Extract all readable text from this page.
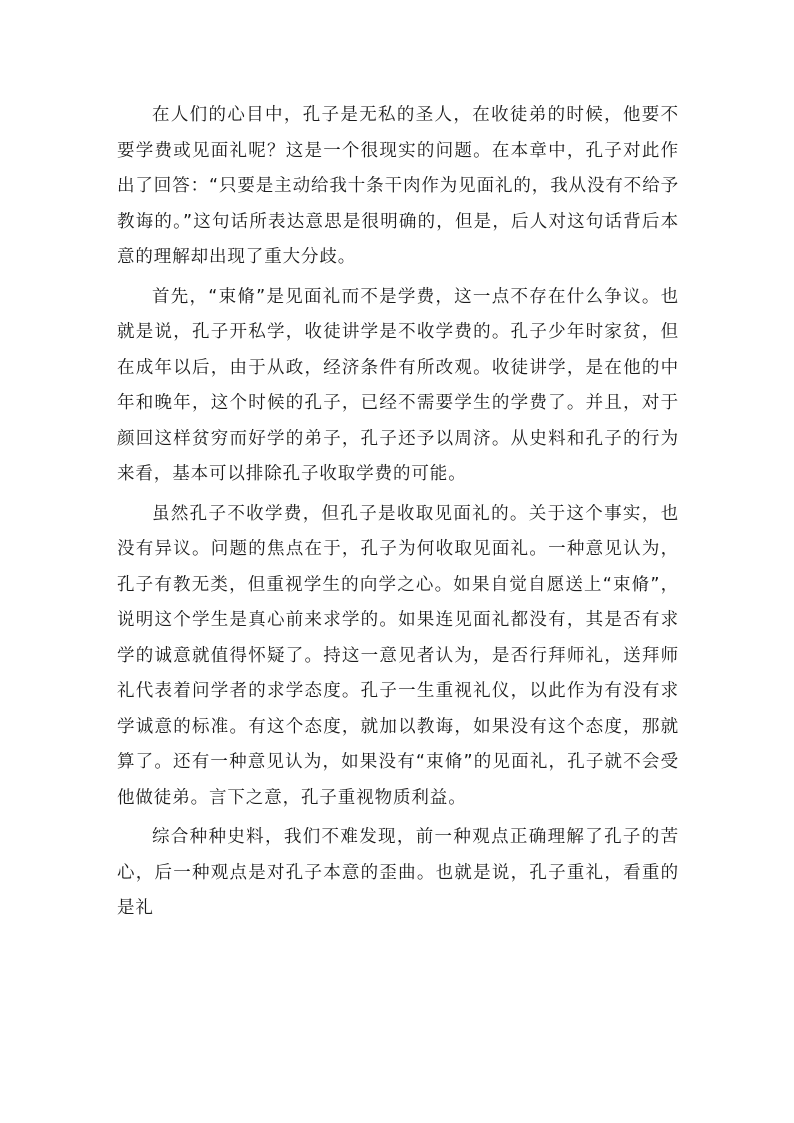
在人们的心目中，孔子是无私的圣人，在收徒弟的时候，他要不要学费或见面礼呢？这是一个很现实的问题。在本章中，孔子对此作出了回答：“只要是主动给我十条干肉作为见面礼的，我从没有不给予教诲的。”这句话所表达意思是很明确的，但是，后人对这句话背后本意的理解却出现了重大分歧。

首先，“束脩”是见面礼而不是学费，这一点不存在什么争议。也就是说，孔子开私学，收徒讲学是不收学费的。孔子少年时家贫，但在成年以后，由于从政，经济条件有所改观。收徒讲学，是在他的中年和晚年，这个时候的孔子，已经不需要学生的学费了。并且，对于颜回这样贫穷而好学的弟子，孔子还予以周济。从史料和孔子的行为来看，基本可以排除孔子收取学费的可能。

虽然孔子不收学费，但孔子是收取见面礼的。关于这个事实，也没有异议。问题的焦点在于，孔子为何收取见面礼。一种意见认为，孔子有教无类，但重视学生的向学之心。如果自觉自愿送上“束脩”，说明这个学生是真心前来求学的。如果连见面礼都没有，其是否有求学的诚意就值得怀疑了。持这一意见者认为，是否行拜师礼，送拜师礼代表着问学者的求学态度。孔子一生重视礼仪，以此作为有没有求学诚意的标准。有这个态度，就加以教诲，如果没有这个态度，那就算了。还有一种意见认为，如果没有“束脩”的见面礼，孔子就不会受他做徒弟。言下之意，孔子重视物质利益。

综合种种史料，我们不难发现，前一种观点正确理解了孔子的苦心，后一种观点是对孔子本意的歪曲。也就是说，孔子重礼，看重的是礼
